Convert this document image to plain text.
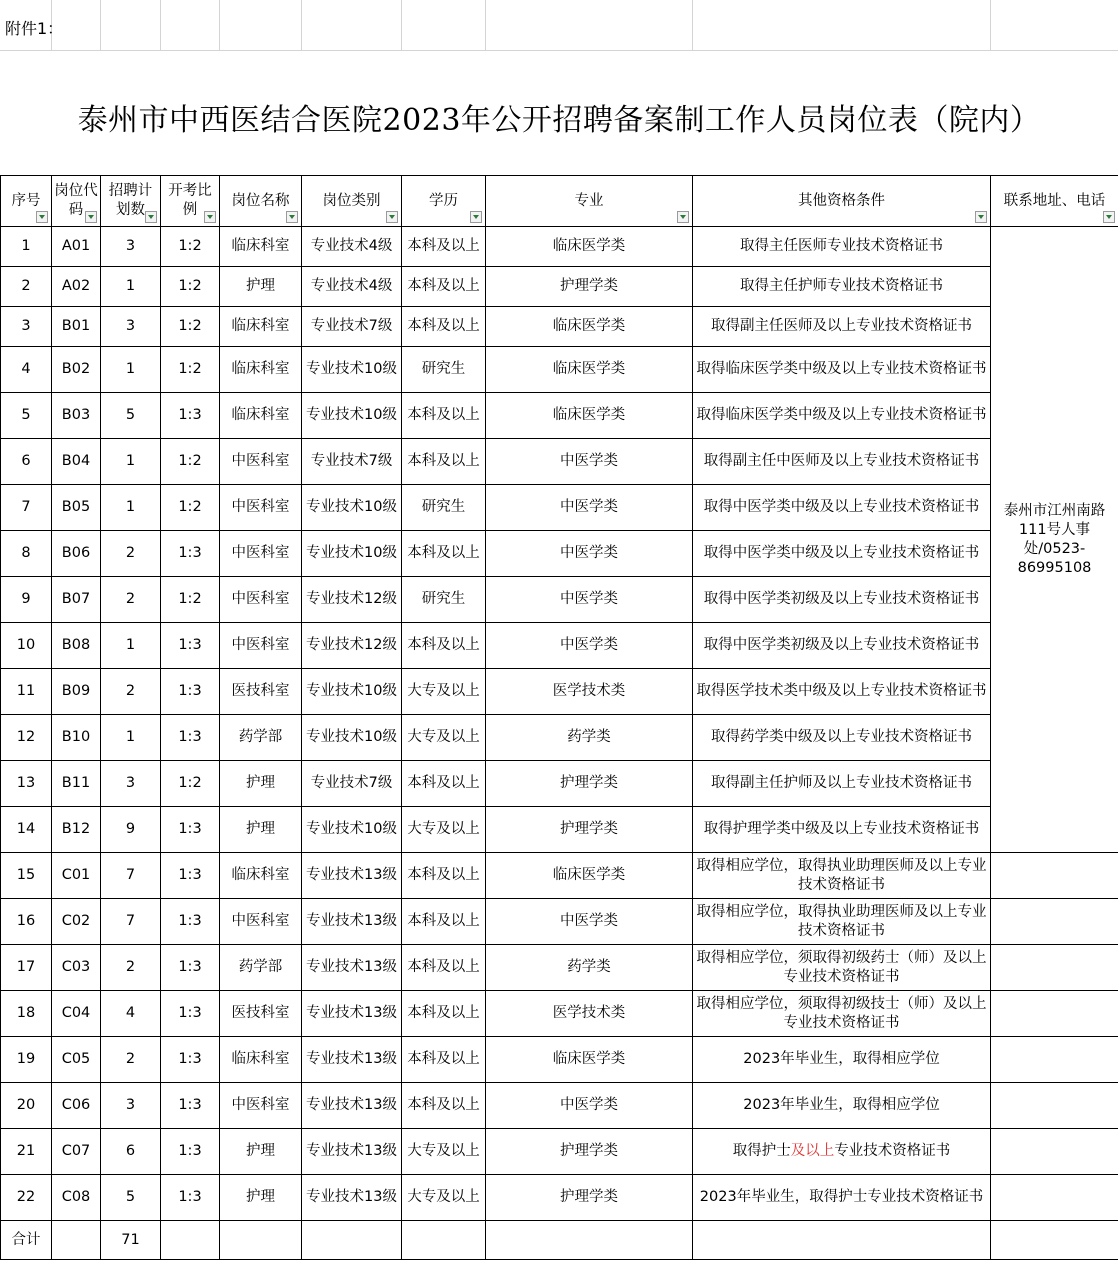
附件1：
泰州市中西医结合医院2023年公开招聘备案制工作人员岗位表（院内）
序号	岗位代码	招聘计划数	开考比例	岗位名称	岗位类别	学历	专业	其他资格条件	联系地址、电话

1	A01	3	1:2	临床科室	专业技术4级	本科及以上	临床医学类	取得主任医师专业技术资格证书	泰州市江州南路111号人事处/0523-86995108
2	A02	1	1:2	护理	专业技术4级	本科及以上	护理学类	取得主任护师专业技术资格证书	
3	B01	3	1:2	临床科室	专业技术7级	本科及以上	临床医学类	取得副主任医师及以上专业技术资格证书	
4	B02	1	1:2	临床科室	专业技术10级	研究生	临床医学类	取得临床医学类中级及以上专业技术资格证书	
5	B03	5	1:3	临床科室	专业技术10级	本科及以上	临床医学类	取得临床医学类中级及以上专业技术资格证书	
6	B04	1	1:2	中医科室	专业技术7级	本科及以上	中医学类	取得副主任中医师及以上专业技术资格证书	
7	B05	1	1:2	中医科室	专业技术10级	研究生	中医学类	取得中医学类中级及以上专业技术资格证书	
8	B06	2	1:3	中医科室	专业技术10级	本科及以上	中医学类	取得中医学类中级及以上专业技术资格证书	
9	B07	2	1:2	中医科室	专业技术12级	研究生	中医学类	取得中医学类初级及以上专业技术资格证书	
10	B08	1	1:3	中医科室	专业技术12级	本科及以上	中医学类	取得中医学类初级及以上专业技术资格证书	
11	B09	2	1:3	医技科室	专业技术10级	大专及以上	医学技术类	取得医学技术类中级及以上专业技术资格证书	
12	B10	1	1:3	药学部	专业技术10级	大专及以上	药学类	取得药学类中级及以上专业技术资格证书	
13	B11	3	1:2	护理	专业技术7级	本科及以上	护理学类	取得副主任护师及以上专业技术资格证书	
14	B12	9	1:3	护理	专业技术10级	大专及以上	护理学类	取得护理学类中级及以上专业技术资格证书	
15	C01	7	1:3	临床科室	专业技术13级	本科及以上	临床医学类	取得相应学位，取得执业助理医师及以上专业技术资格证书	
16	C02	7	1:3	中医科室	专业技术13级	本科及以上	中医学类	取得相应学位，取得执业助理医师及以上专业技术资格证书	
17	C03	2	1:3	药学部	专业技术13级	本科及以上	药学类	取得相应学位，须取得初级药士（师）及以上专业技术资格证书	
18	C04	4	1:3	医技科室	专业技术13级	本科及以上	医学技术类	取得相应学位，须取得初级技士（师）及以上专业技术资格证书	
19	C05	2	1:3	临床科室	专业技术13级	本科及以上	临床医学类	2023年毕业生，取得相应学位	
20	C06	3	1:3	中医科室	专业技术13级	本科及以上	中医学类	2023年毕业生，取得相应学位	
21	C07	6	1:3	护理	专业技术13级	大专及以上	护理学类	取得护士及以上专业技术资格证书	
22	C08	5	1:3	护理	专业技术13级	大专及以上	护理学类	2023年毕业生，取得护士专业技术资格证书	
合计		71							
